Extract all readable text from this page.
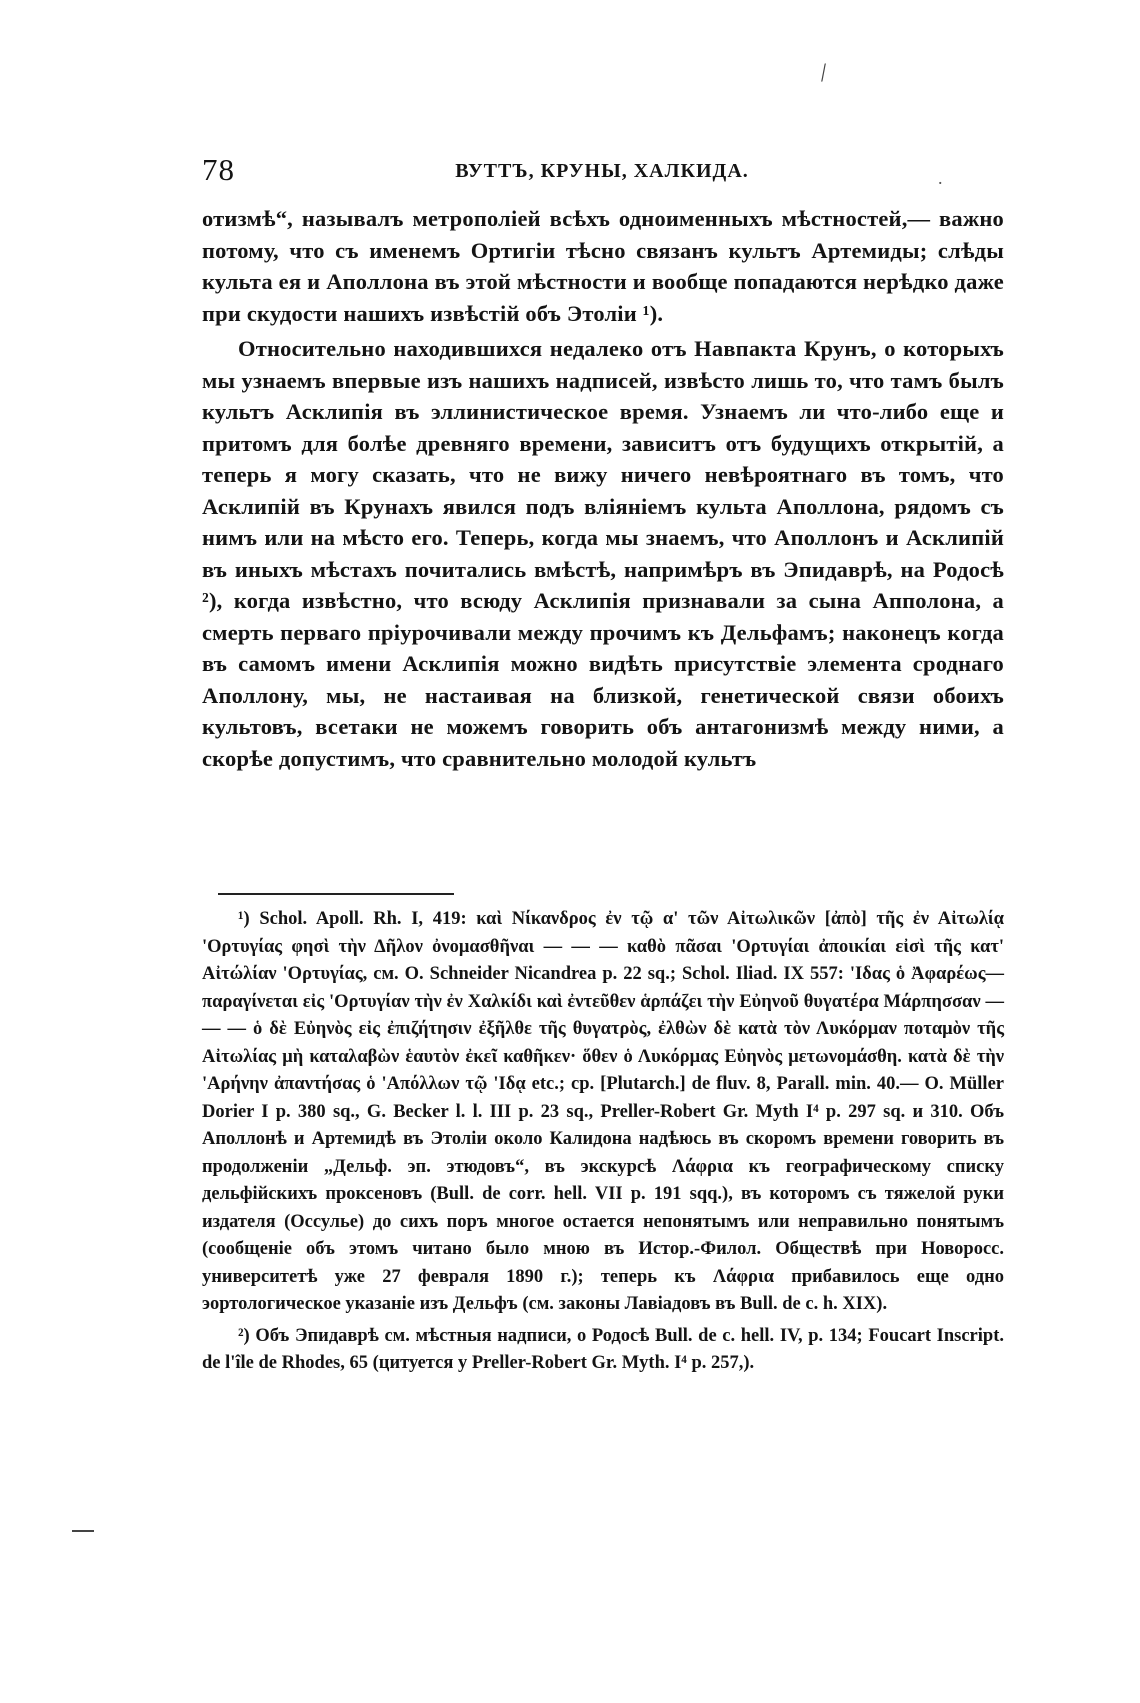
/
78	ВУТТЪ, КРУНЫ, ХАЛКИДА.	.

отизмѣ“, называлъ метрополіей всѣхъ одноименныхъ мѣстностей,— важно потому, что съ именемъ Ортигіи тѣсно связанъ культъ Артемиды; слѣды культа ея и Аполлона въ этой мѣстности и вообще попадаются нерѣдко даже при скудости нашихъ извѣстій объ Этоліи ¹).

Относительно находившихся недалеко отъ Навпакта Крунъ, о которыхъ мы узнаемъ впервые изъ нашихъ надписей, извѣсто лишь то, что тамъ былъ культъ Асклипія въ эллинистическое время. Узнаемъ ли что-либо еще и притомъ для болѣе древняго времени, зависитъ отъ будущихъ открытій, а теперь я могу сказать, что не вижу ничего невѣроятнаго въ томъ, что Асклипій въ Крунахъ явился подъ вліяніемъ культа Аполлона, рядомъ съ нимъ или на мѣсто его. Теперь, когда мы знаемъ, что Аполлонъ и Асклипій въ иныхъ мѣстахъ почитались вмѣстѣ, напримѣръ въ Эпидаврѣ, на Родосѣ ²), когда извѣстно, что всюду Асклипія признавали за сына Апполона, а смерть перваго пріурочивали между прочимъ къ Дельфамъ; наконецъ когда въ самомъ имени Асклипія можно видѣть присутствіе элемента сроднаго Аполлону, мы, не настаивая на близкой, генетической связи обоихъ культовъ, всетаки не можемъ говорить объ антагонизмѣ между ними, а скорѣе допустимъ, что сравнительно молодой культъ

¹) Schol. Apoll. Rh. I, 419: καὶ Νίκανδρος ἐν τῷ α' τῶν Αἰτωλικῶν [ἀπὸ] τῆς ἐν Αἰτωλίᾳ 'Ορτυγίας φησὶ τὴν Δῆλον ὀνομασθῆναι — — — καθὸ πᾶσαι 'Ορτυγίαι ἀποικίαι εἰσὶ τῆς κατ' Αἰτώλίαν 'Ορτυγίας, см. O. Schneider Nicandrea p. 22 sq.; Schol. Iliad. IX 557: 'Ιδας ὁ Ἀφαρέως—παραγίνεται εἰς 'Ορτυγίαν τὴν ἐν Χαλκίδι καὶ ἐντεῦθεν ἁρπάζει τὴν Εὐηνοῦ θυγατέρα Μάρπησσαν — — — ὁ δὲ Εὐηνὸς εἰς ἐπιζήτησιν ἐξῆλθε τῆς θυγατρὸς, ἐλθὼν δὲ κατὰ τὸν Λυκόρμαν ποταμὸν τῆς Αἰτωλίας μὴ καταλαβὼν ἑαυτὸν ἐκεῖ καθῆκεν· ὅθεν ὁ Λυκόρμας Εὐηνὸς μετωνομάσθη. κατὰ δὲ τὴν 'Αρήνην ἀπαντήσας ὁ 'Απόλλων τῷ 'Ιδᾳ etc.; cp. [Plutarch.] de fluv. 8, Parall. min. 40.— O. Müller Dorier I p. 380 sq., G. Becker l. l. III p. 23 sq., Preller-Robert Gr. Myth I⁴ p. 297 sq. и 310. Объ Аполлонѣ и Артемидѣ въ Этоліи около Калидона надѣюсь въ скоромъ времени говорить въ продолженіи „Дельф. эп. этюдовъ“, въ экскурсѣ Λάφρια къ географическому списку дельфійскихъ проксеновъ (Bull. de corr. hell. VII p. 191 sqq.), въ которомъ съ тяжелой руки издателя (Оссулье) до сихъ поръ многое остается непонятымъ или неправильно понятымъ (сообщеніе объ этомъ читано было мною въ Истор.-Филол. Обществѣ при Новоросс. университетѣ уже 27 февраля 1890 г.); теперь къ Λάφρια прибавилось еще одно эортологическое указаніе изъ Дельфъ (см. законы Лавіадовъ въ Bull. de c. h. XIX).

²) Объ Эпидаврѣ см. мѣстныя надписи, о Родосѣ Bull. de c. hell. IV, p. 134; Foucart Inscript. de l'île de Rhodes, 65 (цитуется у Preller-Robert Gr. Myth. I⁴ p. 257,).
